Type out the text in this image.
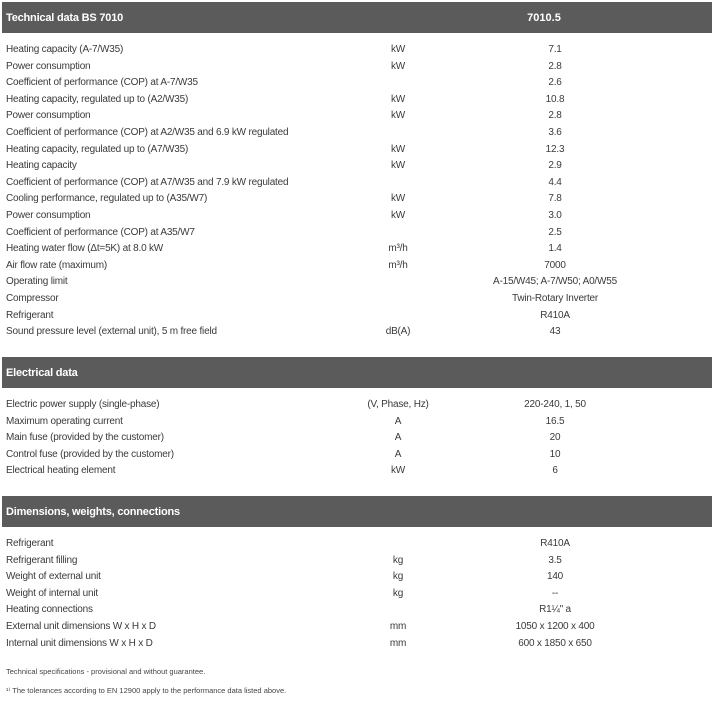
Technical data BS 7010	7010.5
Heating capacity (A-7/W35)	kW	7.1
Power consumption	kW	2.8
Coefficient of performance (COP) at A-7/W35	2.6
Heating capacity, regulated up to (A2/W35)	kW	10.8
Power consumption	kW	2.8
Coefficient of performance (COP) at A2/W35 and 6.9 kW regulated	3.6
Heating capacity, regulated up to (A7/W35)	kW	12.3
Heating capacity	kW	2.9
Coefficient of performance (COP) at A7/W35 and 7.9 kW regulated	4.4
Cooling performance, regulated up to (A35/W7)	kW	7.8
Power consumption	kW	3.0
Coefficient of performance (COP) at A35/W7	2.5
Heating water flow (Δt=5K) at 8.0 kW	m³/h	1.4
Air flow rate (maximum)	m³/h	7000
Operating limit	A-15/W45; A-7/W50; A0/W55
Compressor	Twin-Rotary Inverter
Refrigerant	R410A
Sound pressure level (external unit), 5 m free field	dB(A)	43
Electrical data
Electric power supply (single-phase)	(V, Phase, Hz)	220-240, 1, 50
Maximum operating current	A	16.5
Main fuse (provided by the customer)	A	20
Control fuse (provided by the customer)	A	10
Electrical heating element	kW	6
Dimensions, weights, connections
Refrigerant	R410A
Refrigerant filling	kg	3.5
Weight of external unit	kg	140
Weight of internal unit	kg	--
Heating connections	R1¼" a
External unit dimensions W x H x D	mm	1050 x 1200 x 400
Internal unit dimensions W x H x D	mm	600 x 1850 x 650
Technical specifications - provisional and without guarantee.
¹⁾ The tolerances according to EN 12900 apply to the performance data listed above.
